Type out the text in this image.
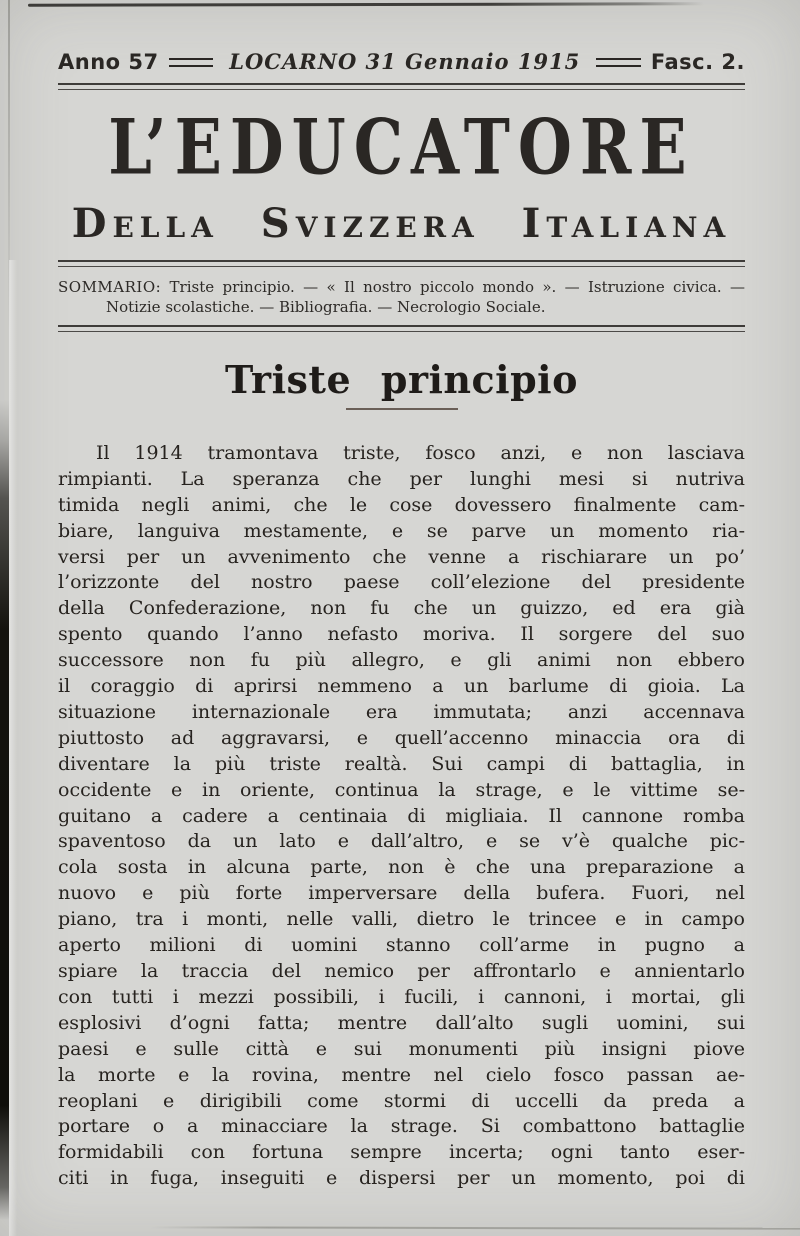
Anno 57	LOCARNO 31 Gennaio 1915	Fasc. 2.
L’EDUCATORE
Della Svizzera Italiana
SOMMARIO: Triste principio. — « Il nostro piccolo mondo ». — Istruzione civica. —
Notizie scolastiche. — Bibliografia. — Necrologio Sociale.
Triste principio
Il 1914 tramontava triste, fosco anzi, e non lasciava
rimpianti. La speranza che per lunghi mesi si nutriva
timida negli animi, che le cose dovessero finalmente cam-
biare, languiva mestamente, e se parve un momento ria-
versi per un avvenimento che venne a rischiarare un po’
l’orizzonte del nostro paese coll’elezione del presidente
della Confederazione, non fu che un guizzo, ed era già
spento quando l’anno nefasto moriva. Il sorgere del suo
successore non fu più allegro, e gli animi non ebbero
il coraggio di aprirsi nemmeno a un barlume di gioia. La
situazione internazionale era immutata; anzi accennava
piuttosto ad aggravarsi, e quell’accenno minaccia ora di
diventare la più triste realtà. Sui campi di battaglia, in
occidente e in oriente, continua la strage, e le vittime se-
guitano a cadere a centinaia di migliaia. Il cannone romba
spaventoso da un lato e dall’altro, e se v’è qualche pic-
cola sosta in alcuna parte, non è che una preparazione a
nuovo e più forte imperversare della bufera. Fuori, nel
piano, tra i monti, nelle valli, dietro le trincee e in campo
aperto milioni di uomini stanno coll’arme in pugno a
spiare la traccia del nemico per affrontarlo e annientarlo
con tutti i mezzi possibili, i fucili, i cannoni, i mortai, gli
esplosivi d’ogni fatta; mentre dall’alto sugli uomini, sui
paesi e sulle città e sui monumenti più insigni piove
la morte e la rovina, mentre nel cielo fosco passan ae-
reoplani e dirigibili come stormi di uccelli da preda a
portare o a minacciare la strage. Si combattono battaglie
formidabili con fortuna sempre incerta; ogni tanto eser-
citi in fuga, inseguiti e dispersi per un momento, poi di
